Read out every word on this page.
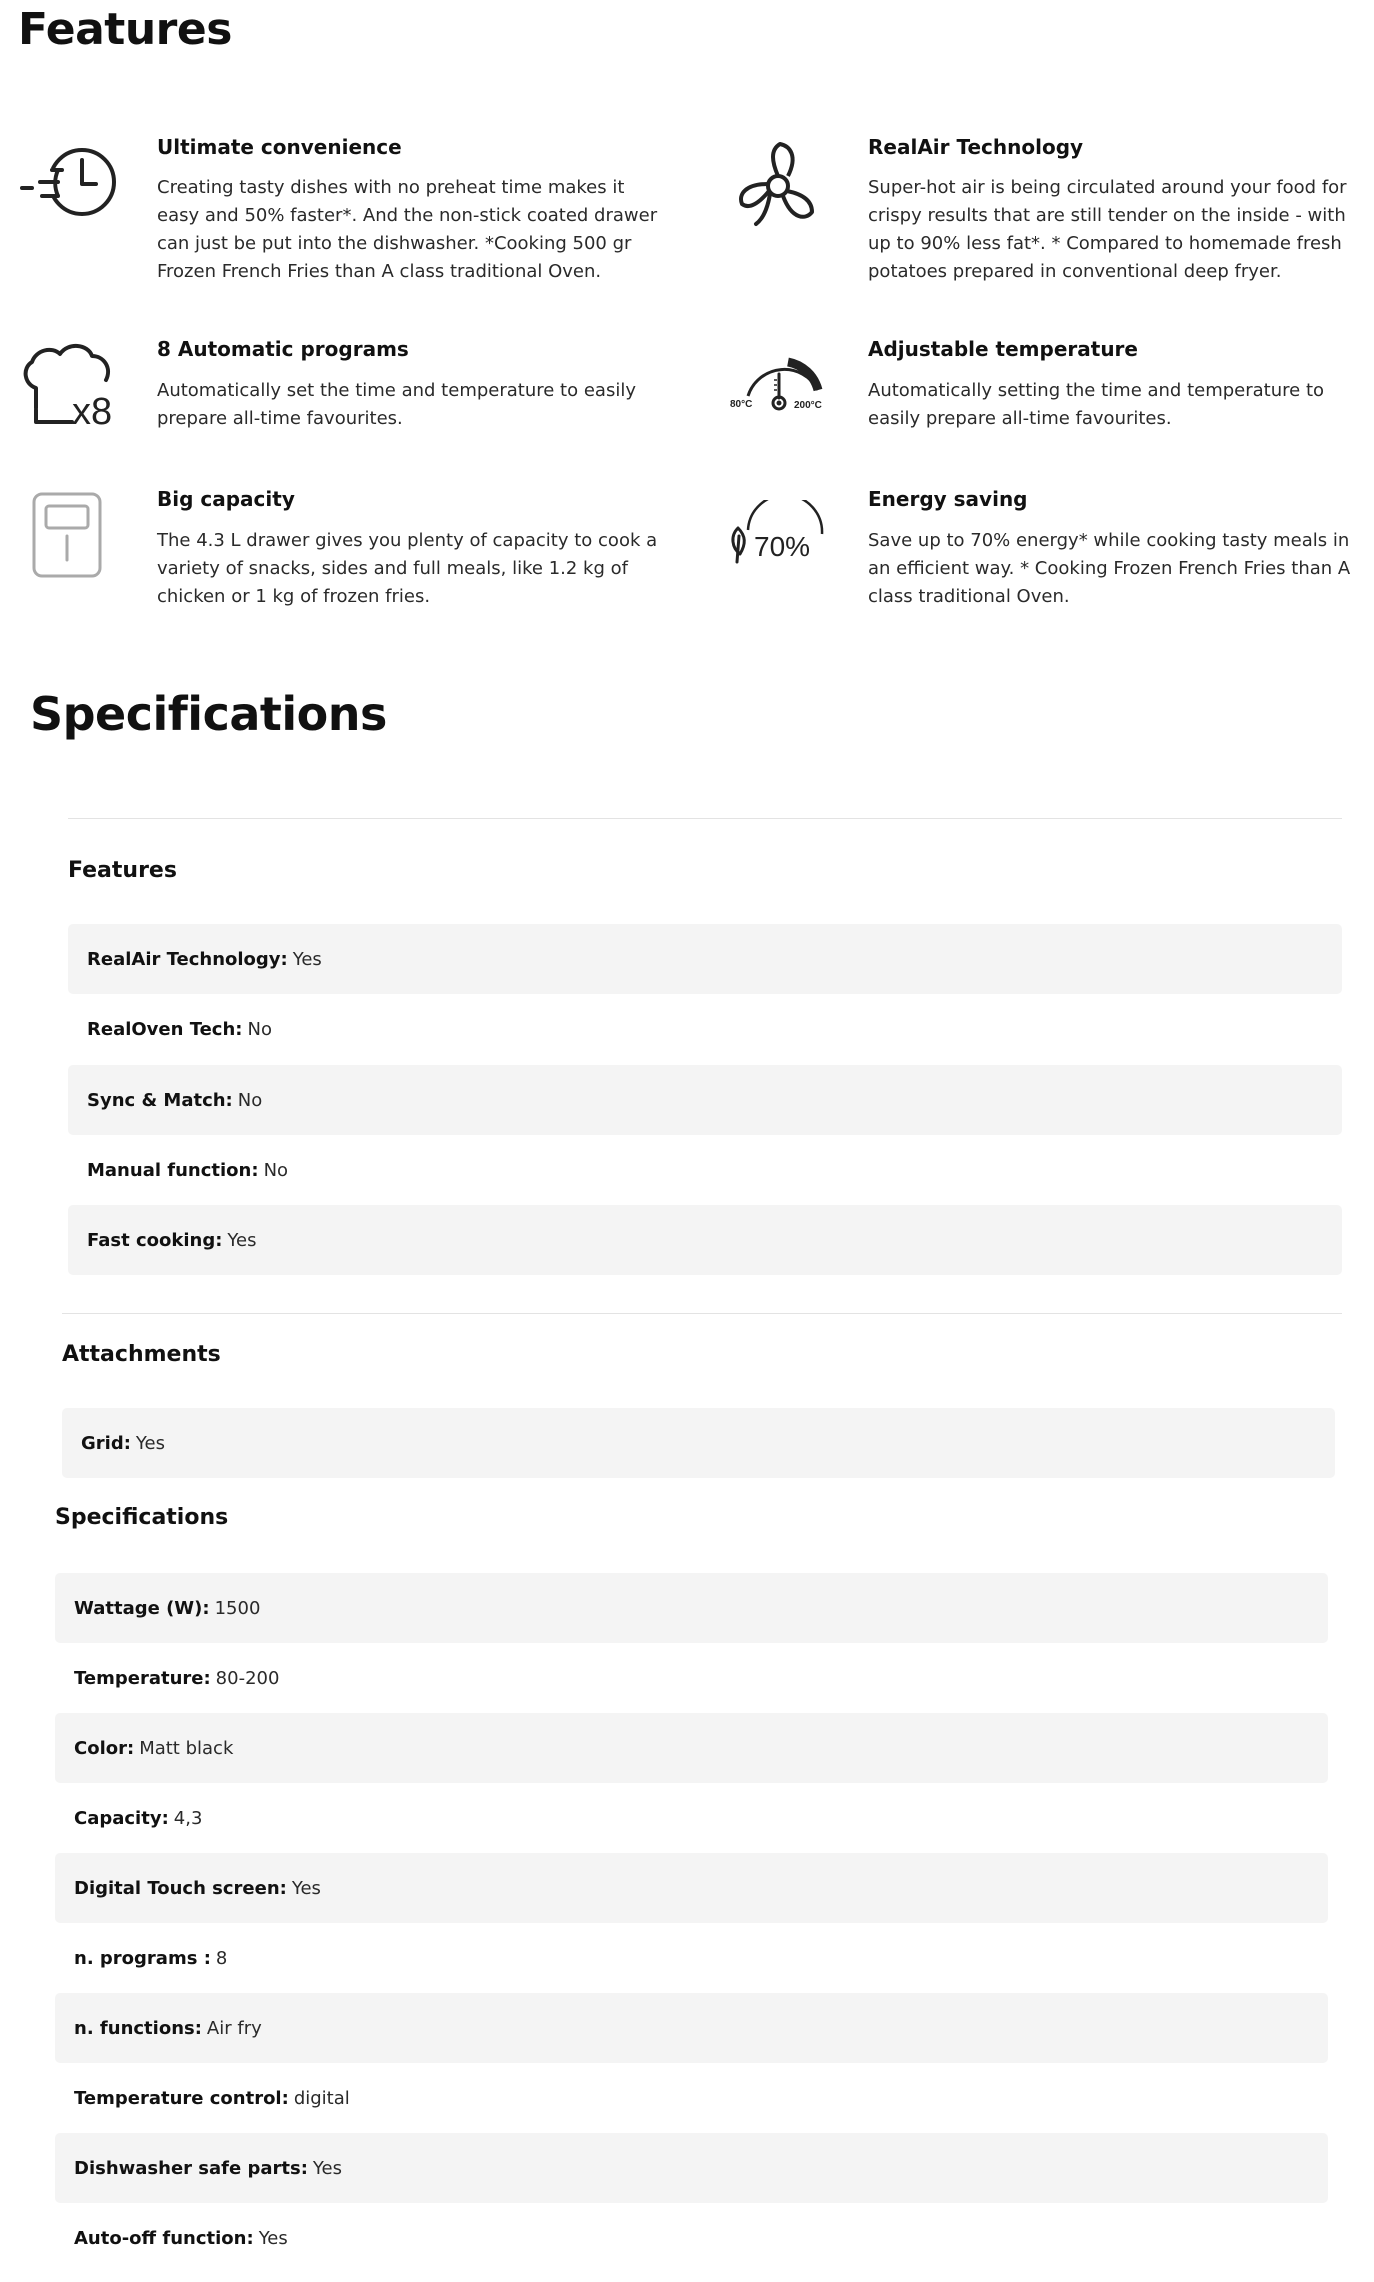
Features
Ultimate convenience
Creating tasty dishes with no preheat time makes it easy and 50% faster*. And the non-stick coated drawer can just be put into the dishwasher. *Cooking 500 gr Frozen French Fries than A class traditional Oven.
RealAir Technology
Super-hot air is being circulated around your food for crispy results that are still tender on the inside - with up to 90% less fat*. * Compared to homemade fresh potatoes prepared in conventional deep fryer.
x8
8 Automatic programs
Automatically set the time and temperature to easily prepare all-time favourites.
80°C	200°C
Adjustable temperature
Automatically setting the time and temperature to easily prepare all-time favourites.
Big capacity
The 4.3 L drawer gives you plenty of capacity to cook a variety of snacks, sides and full meals, like 1.2 kg of chicken or 1 kg of frozen fries.
70%
Energy saving
Save up to 70% energy* while cooking tasty meals in an efficient way. * Cooking Frozen French Fries than A class traditional Oven.
Specifications
Features
RealAir Technology: Yes
RealOven Tech: No
Sync & Match: No
Manual function: No
Fast cooking: Yes
Attachments
Grid: Yes
Specifications
Wattage (W): 1500
Temperature: 80-200
Color: Matt black
Capacity: 4,3
Digital Touch screen: Yes
n. programs : 8
n. functions: Air fry
Temperature control: digital
Dishwasher safe parts: Yes
Auto-off function: Yes
